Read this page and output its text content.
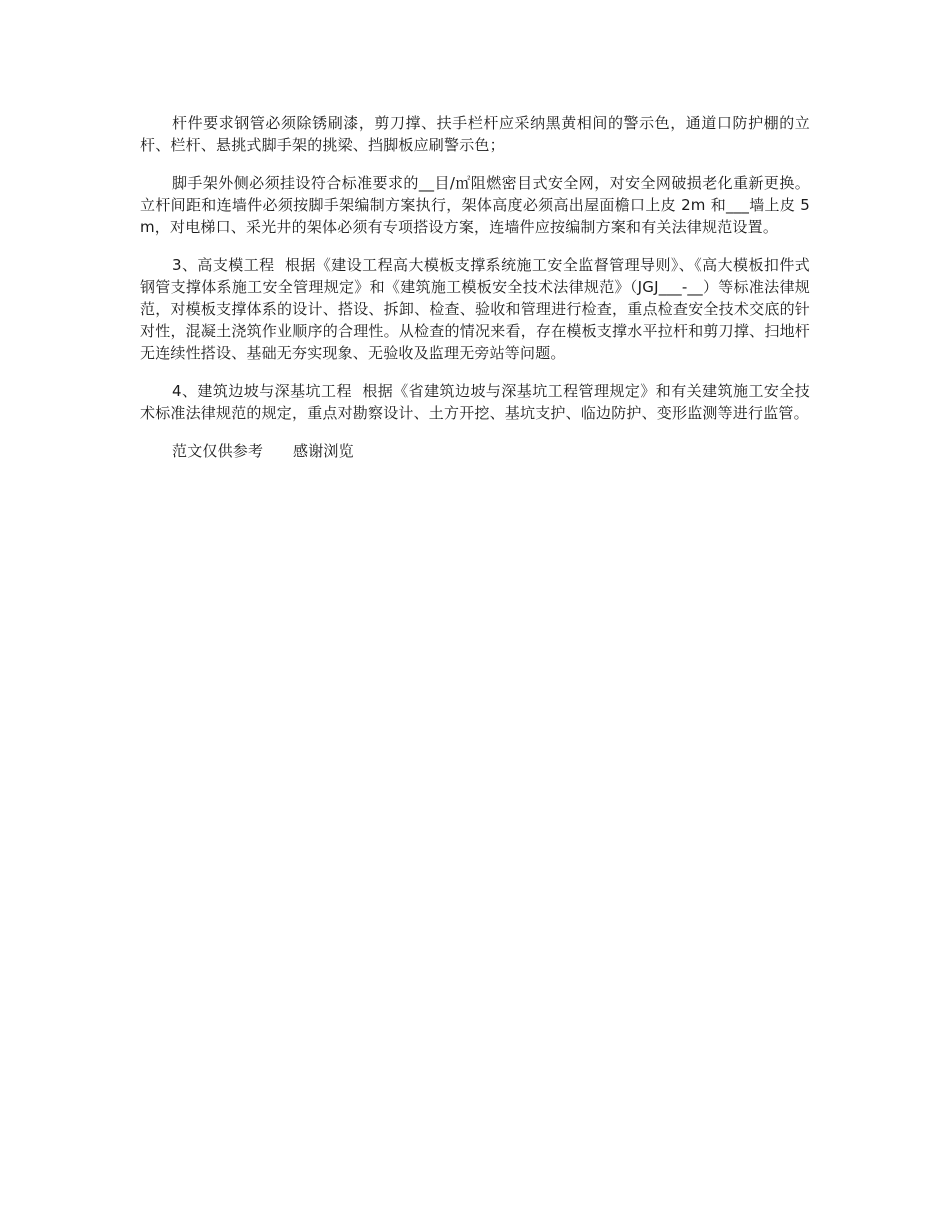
杆件要求钢管必须除锈刷漆，剪刀撑、扶手栏杆应采纳黑黄相间的警示色，通道口防护棚的立杆、栏杆、悬挑式脚手架的挑梁、挡脚板应刷警示色；

脚手架外侧必须挂设符合标准要求的__目/㎡阻燃密目式安全网，对安全网破损老化重新更换。立杆间距和连墙件必须按脚手架编制方案执行，架体高度必须高出屋面檐口上皮 2m 和___墙上皮 5m，对电梯口、采光井的架体必须有专项搭设方案，连墙件应按编制方案和有关法律规范设置。

3、高支模工程  根据《建设工程高大模板支撑系统施工安全监督管理导则》、《高大模板扣件式钢管支撑体系施工安全管理规定》和《建筑施工模板安全技术法律规范》（JGJ___-__）等标准法律规范，对模板支撑体系的设计、搭设、拆卸、检查、验收和管理进行检查，重点检查安全技术交底的针对性，混凝土浇筑作业顺序的合理性。从检查的情况来看，存在模板支撑水平拉杆和剪刀撑、扫地杆无连续性搭设、基础无夯实现象、无验收及监理无旁站等问题。

4、建筑边坡与深基坑工程  根据《省建筑边坡与深基坑工程管理规定》和有关建筑施工安全技术标准法律规范的规定，重点对勘察设计、土方开挖、基坑支护、临边防护、变形监测等进行监管。

范文仅供参考      感谢浏览
